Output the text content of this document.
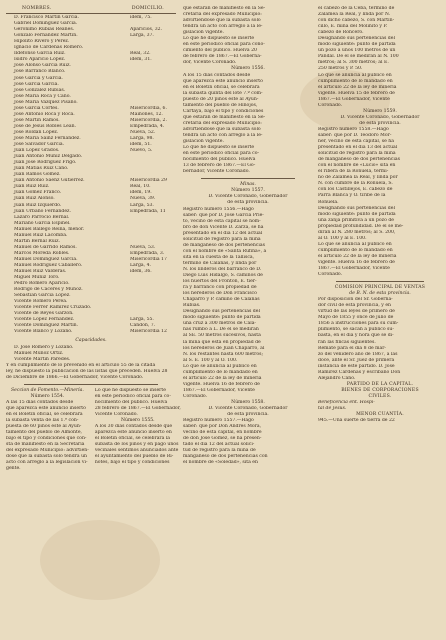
NOMBRES.	DOMICILIO.
D. Francisco Martín García.	ídem, 75.
Gabriel Domínguez García.
Gerónimo Rubias Reanes.	Aparicios, 32.
Gonzalo Fernandez Martín.	Larga, 37.
Hipólito Rivero y Perez.
Ignacio de Cárdenas Romero.
Ildefonso García Ruiz.	Real, 32.
Isidro Aparicio López.	ídem, 31.
José Alonso García Ruiz.
José Barranco Blanco.
José García y García.
José García García.
José González Rubias.
José María Roca y Cano.
José María Vazquez Pisano.
José García Cortés.	Misericordia, 6.
José Antonio Roca y Roca.	Mainones, 12.
José Martín Ramos.	Misericordia, 2.
José de Jesus Robles Lean.	Empedrada, 4.
José Roldan Lopez.	Nueva, 52.
José María Sáinz Fernandez.	Larga, 98.
José Salvador García.	ídem, 51.
Juan López Grados.	Nuevo, 5.
Juan Antonio Muñiz Delgado.
Juan José Rodríguez Frigo.
Juan Matías Ruiz Cano.
Juan Ramos Gómez.
Juan Antonio Sáenz Gutierrez.	Misericordia 29
Juan Ruiz Ruiz.	Real, 10.
Juan Gómez Franco.	ídem, 19.
Juan Ruiz Alonso.	Nueva, 39.
Juan Ruiz Izquierdo.	Larga, 53.
Juan Urbano Fernandez.	Empedrada, 11
Lázaro Parrocio Bernal.
Mariano García Espinel.
Manuel Ballego Reina, menor.
Manuel Ruiz Lacomba.
Martín Bernal Ruiz.
Manuel de Garrido Ramos.	Nueva, 53.
Marcos Moreda Robles.	Empedrada, 3.
Manuel Dominguez García.	Misericordia 17
Manuel Rodríguez Caballero.	Larga, 4.
Manuel Ruiz Valderas.	ídem, 36.
Miguel Muñiz Toro.
Pedro Romero Aparicio.
Rodrigo de Cáceres y Muñoz.
Sebastian García Lopez.
Vicente Romero Perea.
Vicente Ferrer Ramirez Cruzado.
Vicente de Reyes Garzon.
Vicente López Fernandez.	Larga, 55.
Vicente Dominguez Martín.	Candon, 7.
Vicente Blanco y Lozano.	Misericordia 12
Capacidades.
D. José Romero y Lozano.
Manuel Muñoz Ortiz.
Vicente Martín Paredes.
Y en cumplimiento de lo prevenido en el artículo 55 de la citada
ley, he dispuesto la publicacion de las listas que preceden. Huelva 28
de Diciembre de 1866.—El Gobernador, Vicente Coronado.
Seccion de Fomento.—Minería.
Número 1554.
A las 15 dias contados desde
que aparezca este anuncio inserto
en el Boletin oficial, se celebrará
la subasta venta de las 1.ª con-
puesta de 60 pinos este al Ayun-
tamiento del pueblo de Almonte,
bajo el tipo y condiciones que con-
sta de manifiesto en la Secretaría
del expresado Municipio: advirtién-
dose que la subasta solo tendrá un
acto con arreglo á la legislacion vi-
gente.
Lo que he dispuesto se inserte
en este periódico oficial para co-
nocimiento del público. Huelva
28 febrero de 1867.—El Gobernador,
Vicente Coronado.
Número 1555.
A los 30 dias contados desde que
aparezca este anuncio inserto en
el Boletin oficial, se celebrará la
subasta de los pinos y en pago unos
vecinales sentimos anunciados ante
el ayuntamiento del pueblo de Ri-
notes, bajo el tipo y condiciones
que estarán de manifiesto en la Se-
cretaría del expresado Municipio:
advirtiéndose que la subasta solo
tendrá un acto con arreglo á la le-
gislacion vigente.
Lo que he dispuesto se inserte
en este periódico oficial para cono-
cimiento del público. Huelva 20
de febrero de 1867.—El Goberna-
dor, Vicente Coronado.
Número 1556.
A los 15 dias contados desde
que aparezca este anuncio inserto
en el Boletin oficial, se celebrará
la subasta quinta del lote 7.º com-
puesto de 20 pinos este al Ayun-
tamiento del pueblo de Hinojos,
Cartaya, bajo el tipo y condiciones
que estarán de manifiesto en la Se-
cretaría del expresado Municipio:
advirtiéndose que la subasta solo
tendrá un acto con arreglo á la le-
gislacion vigente.
Lo que he dispuesto se inserte
en este periódico oficial para co-
nocimiento del público. Huelva
13 de febrero de 1867.—El Go-
bernador, Vicente Coronado.
Minas.
Número 1557.
D. Vicente Coronado, Gobernador
de esta provincia.
Registro número 1556.—Hago
saber: que por D. José García Prie-
to, vecino de esta capital se nom-
bró de don Vicente D. Zarza, se ha
presentado en el día 12 del actual
solicitud de registro para la mina
de manganeso de dos pertenencias
con el nombre de «Santa Rufina», a
sita en la cuesta de la Tallisca,
término de Calañas, y linda por
N. los linderos del barranco de D.
Diego Luis Hidalgo, S. caminos de
los huertos del Frontón, E. tier-
ra y barranco con propiedad de
los herederos de Don Francisco
Chaparro y P. camino de Calañas
Rubias.
Designando sus pertenencias del
modo siguiente: punto de partida
una cruz á 300 metros de Cala-
ñas rumbo á L. De él se medirán
al SE. 50 metros sucesivos, hasta
la mina que está en propiedad de
los herederos de Juan Chaparro, al
N. los restantes hasta 600 metros;
al S. E. 100 y al O. 100.
Lo que se anuncia al público en
cumplimiento de lo mandado en
el artículo 22 de la ley de minería
vigente. Huelva 16 de febrero de
1867.—El Gobernador, Vicente
Coronado.
Número 1558.
D. Vicente Coronado, Gobernador
de esta provincia.
Registro número 1557.—Hago
saber: que por Don Andrés Mora,
vecino de esta capital, en nombre
de don José Gómez, se ha presen-
tado el día 12 del actual solici-
tud de registro para la mina de
manganeso de dos pertenencias con
el nombre de «Soledad», sita en
el cabezo de la Ceba, término de
Zalamea la Real, y linda por N.
con dicho cabezo, S. con Martin-
cillo, E. mina del Molinito y P.
cabezo de Roncero.
Designando sus pertenencias del
modo siguiente: punto de partida
un pozo á unos 100 metros de un
Pandal. De él se medirán al N. 100
metros; al S. 300 metros; al E.
250 metros y P. 50.
Lo que se anuncia al público en
cumplimiento de lo mandado en
el artículo 22 de la ley de minería
vigente. Huelva 15 de febrero de
1867.—El Gobernador, Vicente
Coronado.
Número 1559.
D. Vicente Coronado, Gobernador
de esta provincia.
Registro número 1558.—Hago
saber: que por D. Teodoro Mor-
ner, vecino de esta capital, se ha
presentado en el día 13 del actual
solicitud de registro para la mina
de manganeso de dos pertenencias
con el nombre de «Lucio» sita en
el ribera de la Ronuela, térmi-
no de Zalamea la Real, y linda por
N. con cumbre de la Ronuela, S.
con los Castillejos, E. cabezo de
Parra Blanca y O. tiribe de la
Ronuela.
Designando sus pertenencias del
modo siguiente: punto de partida
una zanja primitiva á un pozo de
propiedad profundidad. De él se me-
dirán al N. 280 metros; al S. 200,
al O. 100 y al E. 100.
Lo que se anuncia al público en
cumplimiento de lo mandado en
el artículo 22 de la ley de minería
vigente. Huelva 16 de febrero de
1867.—El Gobernador, Vicente
Coronado.
COMISION PRINCIPAL DE VENTAS
de B. N. de esta provincia.
Por disposicion del Sr. Goberna-
dor civil de esta provincia, y en
virtud de las leyes de primero de
Mayo de 1855 y once de julio de
1856 á instrucciones para su cum-
plimiento, se sacan á público su-
basta, en el día y hora que se di-
rán las fincas siguientes.
Remate para el día 8 de mar-
zo del venidero año de 1867, a las
doce, ante el Sr. Juez de primera
instancia de este partido. D. José
Ramírez Cárdenas y escribano Don
Alejandro Cano.
PARTIDO DE LA CAPITAL.
BIENES DE CORPORACIONES
CIVILES.
Beneficencia ent. Hospi-
tal de Jesús.
MENOR CUANTÍA.
945.—Una suerte de tierra de 22
